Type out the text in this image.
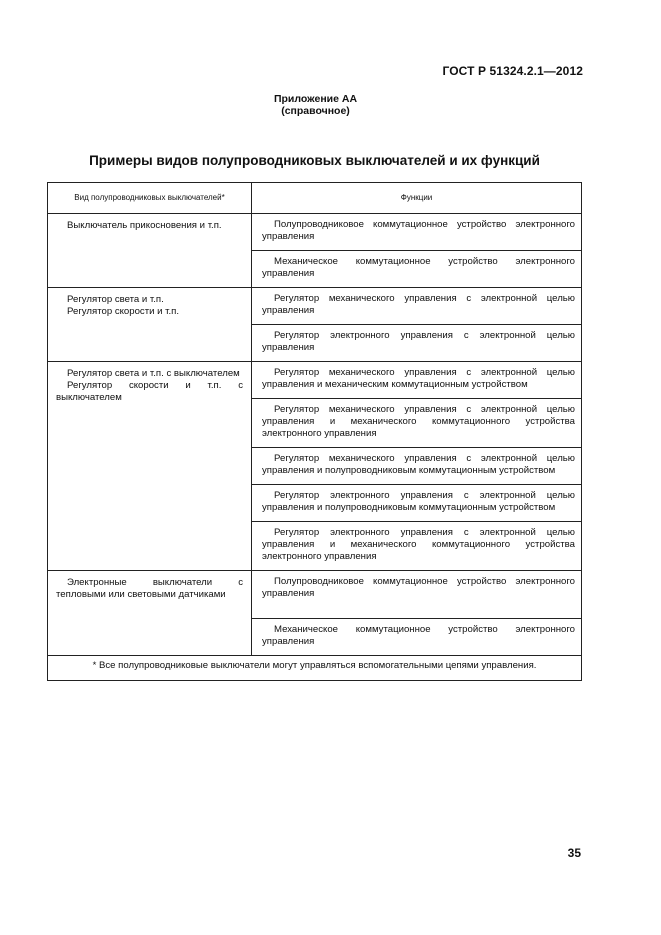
ГОСТ Р 51324.2.1—2012
Приложение АА
(справочное)
Примеры видов полупроводниковых выключателей и их функций
Вид полупроводниковых выключателей*	Функции

Выключатель прикосновения и т.п.	Полупроводниковое коммутационное устройство электронного управления
	Механическое коммутационное устройство электронного управления

Регулятор света и т.п.
Регулятор скорости и т.п.	Регулятор механического управления с электронной целью управления
	Регулятор электронного управления с электронной целью управления

Регулятор света и т.п. с выключателем
Регулятор скорости и т.п. с выключателем	Регулятор механического управления с электронной целью управления и механическим коммутационным устройством
	Регулятор механического управления с электронной целью управления и механического коммутационного устройства электронного управления
	Регулятор механического управления с электронной целью управления и полупроводниковым коммутационным устройством
	Регулятор электронного управления с электронной целью управления и полупроводниковым коммутационным устройством
	Регулятор электронного управления с электронной целью управления и механического коммутационного устройства электронного управления

Электронные выключатели с тепловыми или световыми датчиками	Полупроводниковое коммутационное устройство электронного управления
	Механическое коммутационное устройство электронного управления
* Все полупроводниковые выключатели могут управляться вспомогательными цепями управления.	
35
